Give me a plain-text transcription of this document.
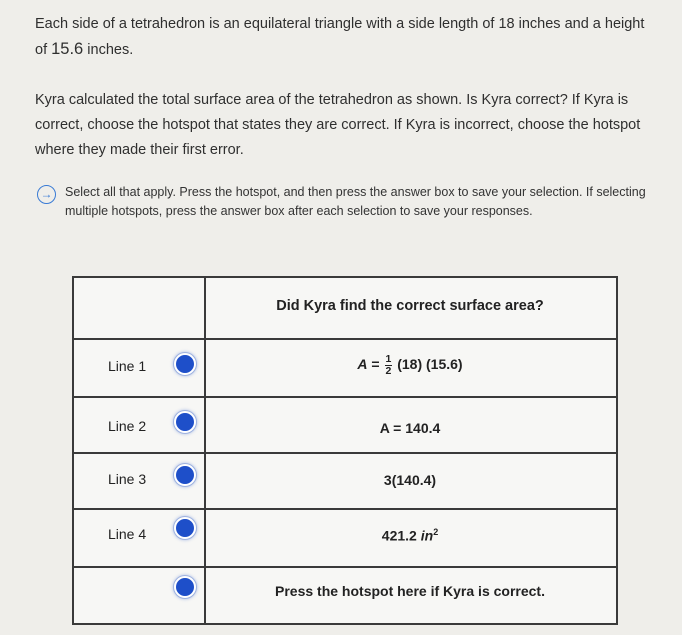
Each side of a tetrahedron is an equilateral triangle with a side length of 18 inches and a height of 15.6 inches.
Kyra calculated the total surface area of the tetrahedron as shown. Is Kyra correct? If Kyra is correct, choose the hotspot that states they are correct. If Kyra is incorrect, choose the hotspot where they made their first error.
→ Select all that apply. Press the hotspot, and then press the answer box to save your selection. If selecting multiple hotspots, press the answer box after each selection to save your responses.
Did Kyra find the correct surface area?
Line 1	$A = \frac{1}{2} (18)$ (15.6)
Line 2	A = 140.4
Line 3	3(140.4)
Line 4	421.2 $in^2$
Press the hotspot here if Kyra is correct.
